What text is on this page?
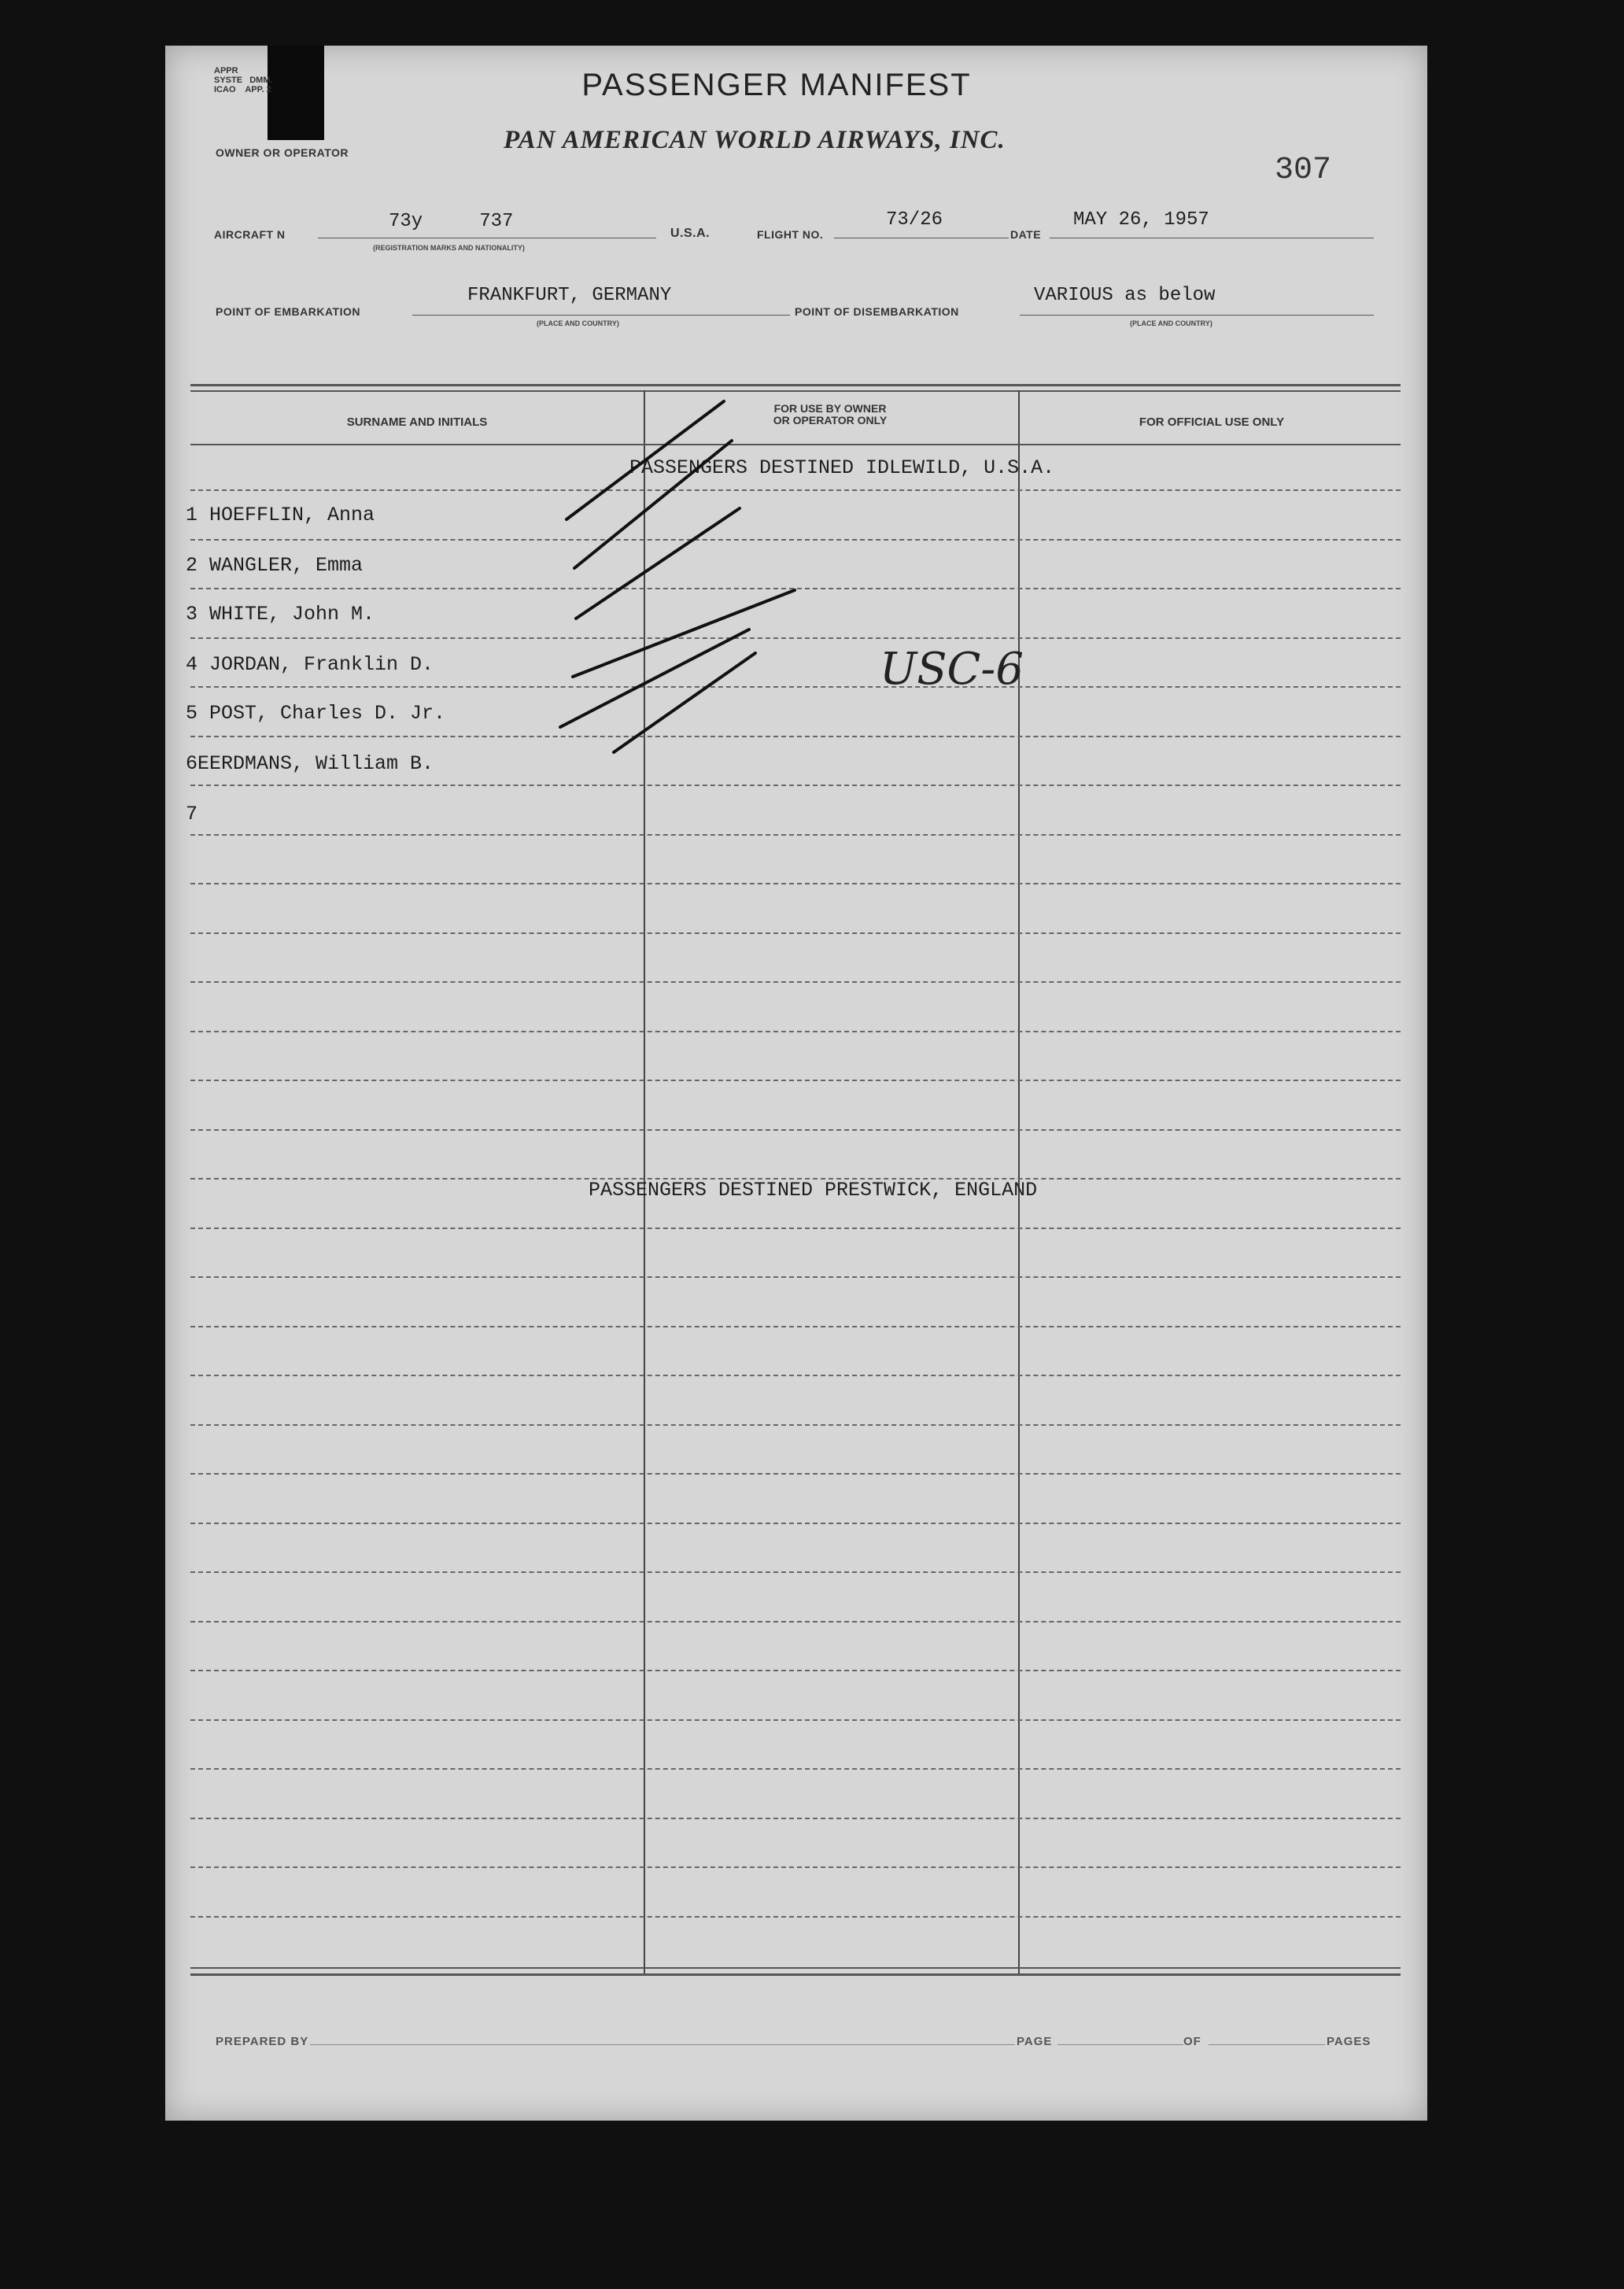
APPR
SYSTE   DMM.
ICAO    APP. 2	PASSENGER MANIFEST
OWNER OR OPERATOR	PAN AMERICAN WORLD AIRWAYS, INC.
307
AIRCRAFT N
73y     737
(REGISTRATION MARKS AND NATIONALITY)
U.S.A.	FLIGHT NO.
73/26
DATE
MAY 26, 1957
POINT OF EMBARKATION
FRANKFURT, GERMANY
(PLACE AND COUNTRY)
POINT OF DISEMBARKATION
VARIOUS as below
(PLACE AND COUNTRY)
SURNAME AND INITIALS
FOR USE BY OWNER
OR OPERATOR ONLY	FOR OFFICIAL USE ONLY
PASSENGERS DESTINED IDLEWILD, U.S.A.
1 HOEFFLIN, Anna
2 WANGLER, Emma
3 WHITE, John M.
4 JORDAN, Franklin D.
5 POST, Charles D. Jr.
6EERDMANS, William B.
7
USC-6
PASSENGERS DESTINED PRESTWICK, ENGLAND
PREPARED BY	PAGE	OF	PAGES
